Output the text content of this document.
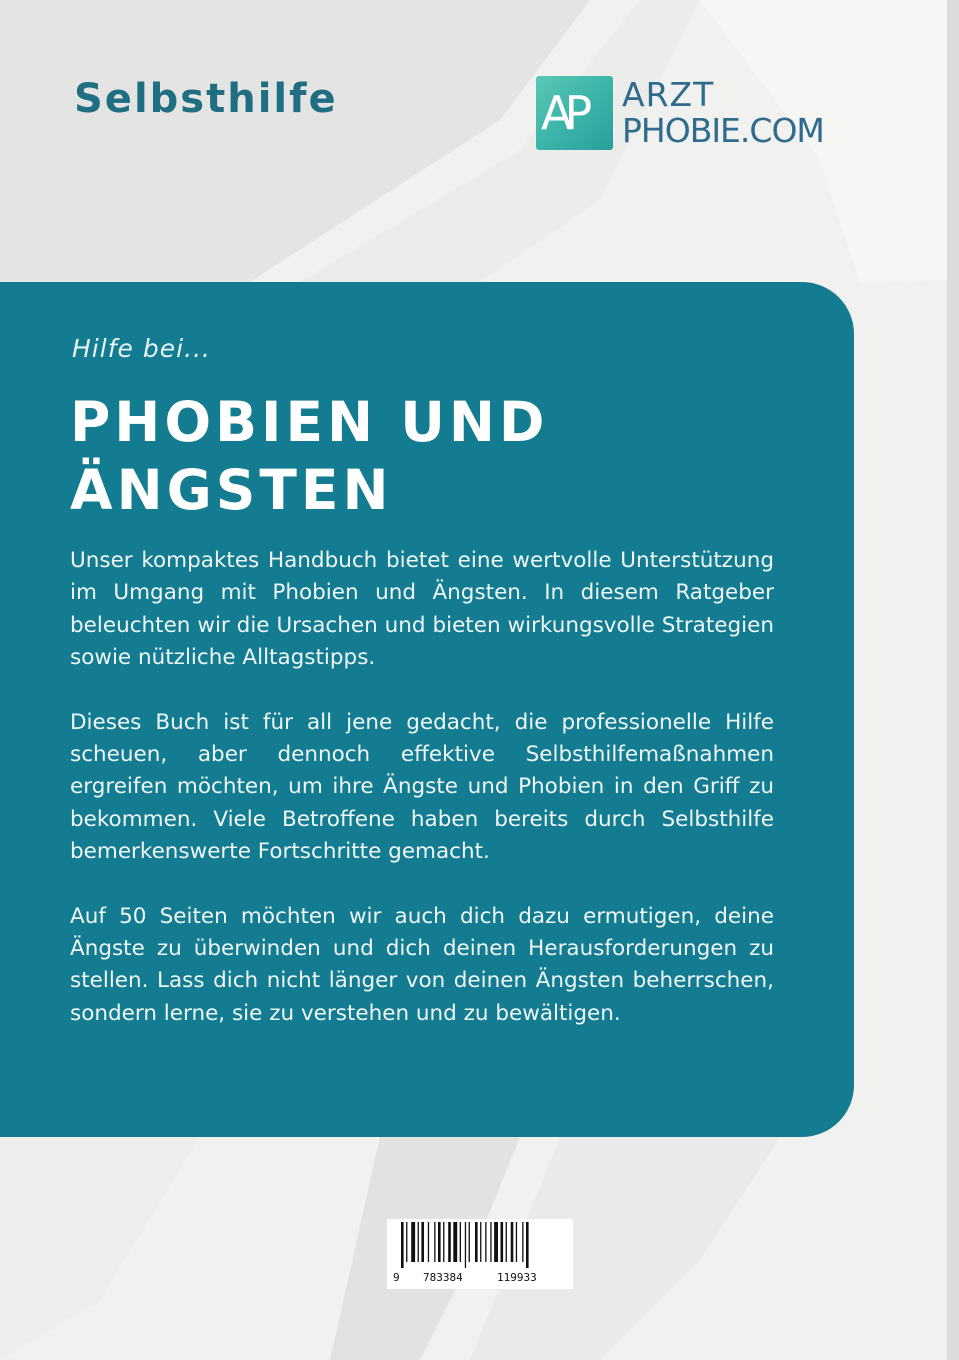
Selbsthilfe	AP ARZT
PHOBIE.COM
Hilfe bei...
PHOBIEN UND
ÄNGSTEN

Unser kompaktes Handbuch bietet eine wertvolle Unterstützung im Umgang mit Phobien und Ängsten. In diesem Ratgeber beleuchten wir die Ursachen und bieten wirkungsvolle Strategien sowie nützliche Alltagstipps.

Dieses Buch ist für all jene gedacht, die professionelle Hilfe scheuen, aber dennoch effektive Selbsthilfemaßnahmen ergreifen möchten, um ihre Ängste und Phobien in den Griff zu bekommen. Viele Betroffene haben bereits durch Selbsthilfe bemerkenswerte Fortschritte gemacht.

Auf 50 Seiten möchten wir auch dich dazu ermutigen, deine Ängste zu überwinden und dich deinen Herausforderungen zu stellen. Lass dich nicht länger von deinen Ängsten beherrschen, sondern lerne, sie zu verstehen und zu bewältigen.

9 783384	119933
